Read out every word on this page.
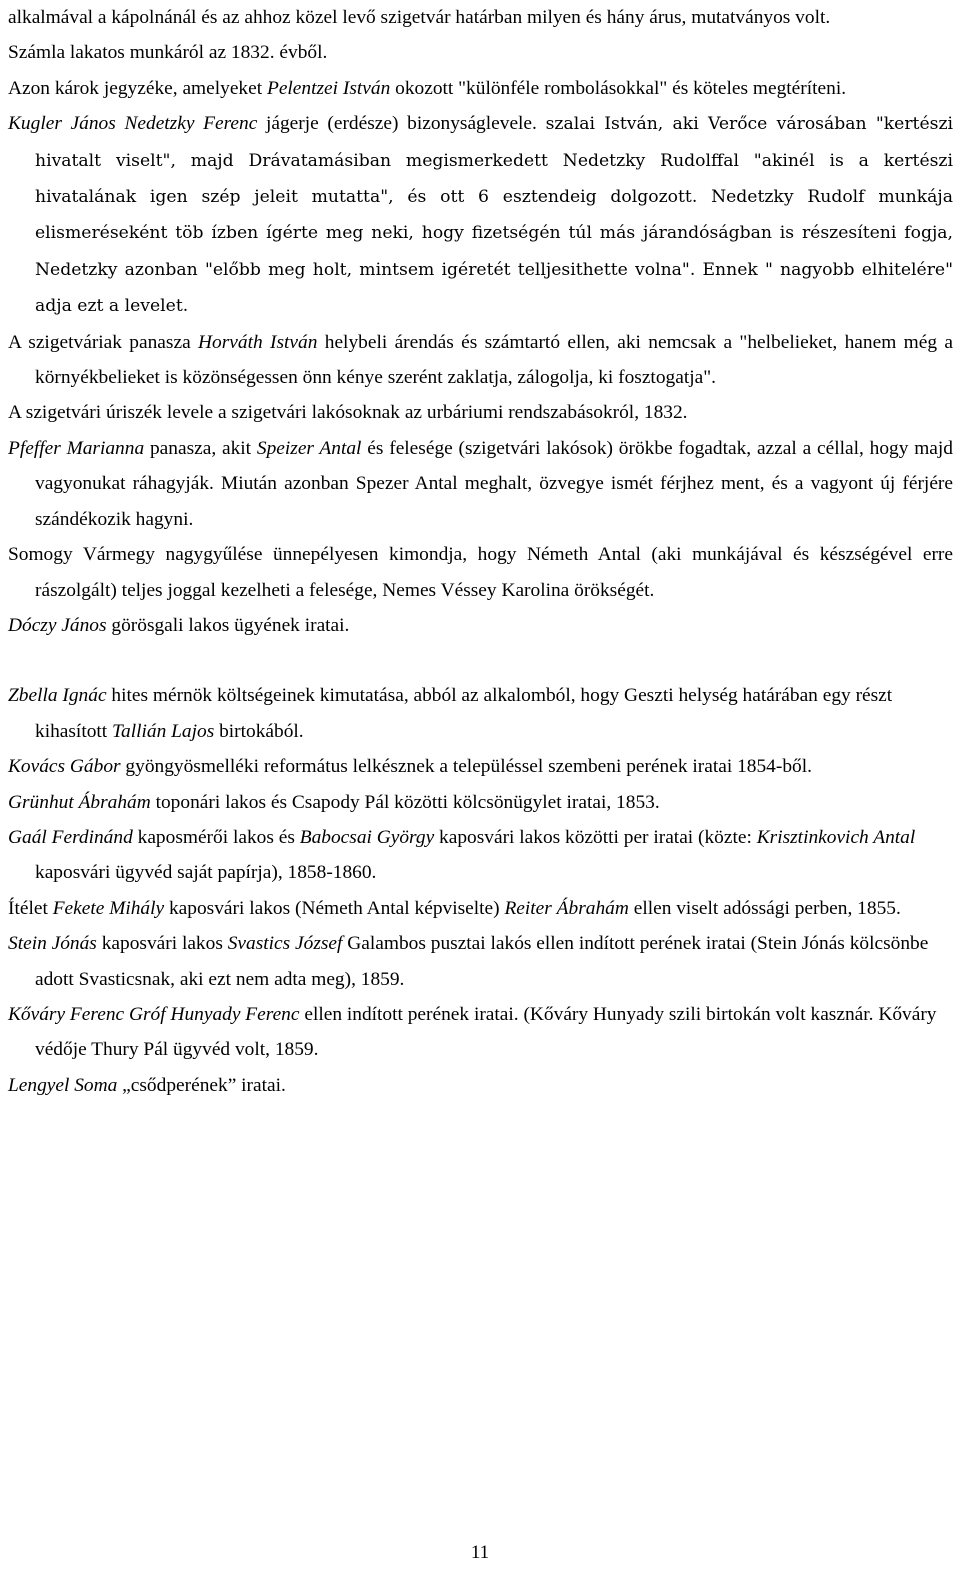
alkalmával a kápolnánál és az ahhoz közel levő szigetvár határban milyen és hány árus, mutatványos volt.

Számla lakatos munkáról az 1832. évből.

Azon károk jegyzéke, amelyeket Pelentzei István okozott "különféle rombolásokkal" és köteles megtéríteni.

Kugler János Nedetzky Ferenc jágerje (erdésze) bizonyságlevele. szalai István, aki Verőce városában "kertészi hivatalt viselt", majd Drávatamásiban megismerkedett Nedetzky Rudolffal "akinél is a kertészi hivatalának igen szép jeleit mutatta", és ott 6 esztendeig dolgozott. Nedetzky Rudolf munkája elismeréseként töb ízben ígérte meg neki, hogy fizetségén túl más járandóságban is részesíteni fogja, Nedetzky azonban "előbb meg holt, mintsem igéretét telljesithette volna". Ennek " nagyobb elhitelére" adja ezt a levelet.

A szigetváriak panasza Horváth István helybeli árendás és számtartó ellen, aki nemcsak a "helbelieket, hanem még a környékbelieket is közönségessen önn kénye szerént zaklatja, zálogolja, ki fosztogatja".

A szigetvári úriszék levele a szigetvári lakósoknak az urbáriumi rendszabásokról, 1832.

Pfeffer Marianna panasza, akit Speizer Antal és felesége (szigetvári lakósok) örökbe fogadtak, azzal a céllal, hogy majd vagyonukat ráhagyják. Miután azonban Spezer Antal meghalt, özvegye ismét férjhez ment, és a vagyont új férjére szándékozik hagyni.

Somogy Vármegy nagygyűlése ünnepélyesen kimondja, hogy Németh Antal (aki munkájával és készségével erre rászolgált) teljes joggal kezelheti a felesége, Nemes Véssey Karolina örökségét.

Dóczy János görösgali lakos ügyének iratai.

Zbella Ignác hites mérnök költségeinek kimutatása, abból az alkalomból, hogy Geszti helység határában egy részt kihasított Tallián Lajos birtokából.

Kovács Gábor gyöngyösmelléki református lelkésznek a településsel szembeni perének iratai 1854-ből.

Grünhut Ábrahám toponári lakos és Csapody Pál közötti kölcsönügylet iratai, 1853.

Gaál Ferdinánd kaposmérői lakos és Babocsai György kaposvári lakos közötti per iratai (közte: Krisztinkovich Antal kaposvári ügyvéd saját papírja), 1858-1860.

Ítélet Fekete Mihály kaposvári lakos (Németh Antal képviselte) Reiter Ábrahám ellen viselt adóssági perben, 1855.

Stein Jónás kaposvári lakos Svastics József Galambos pusztai lakós ellen indított perének iratai (Stein Jónás kölcsönbe adott Svasticsnak, aki ezt nem adta meg), 1859.

Kőváry Ferenc Gróf Hunyady Ferenc ellen indított perének iratai. (Kőváry Hunyady szili birtokán volt kasznár. Kőváry védője Thury Pál ügyvéd volt, 1859.

Lengyel Soma „csődperének” iratai.

11
